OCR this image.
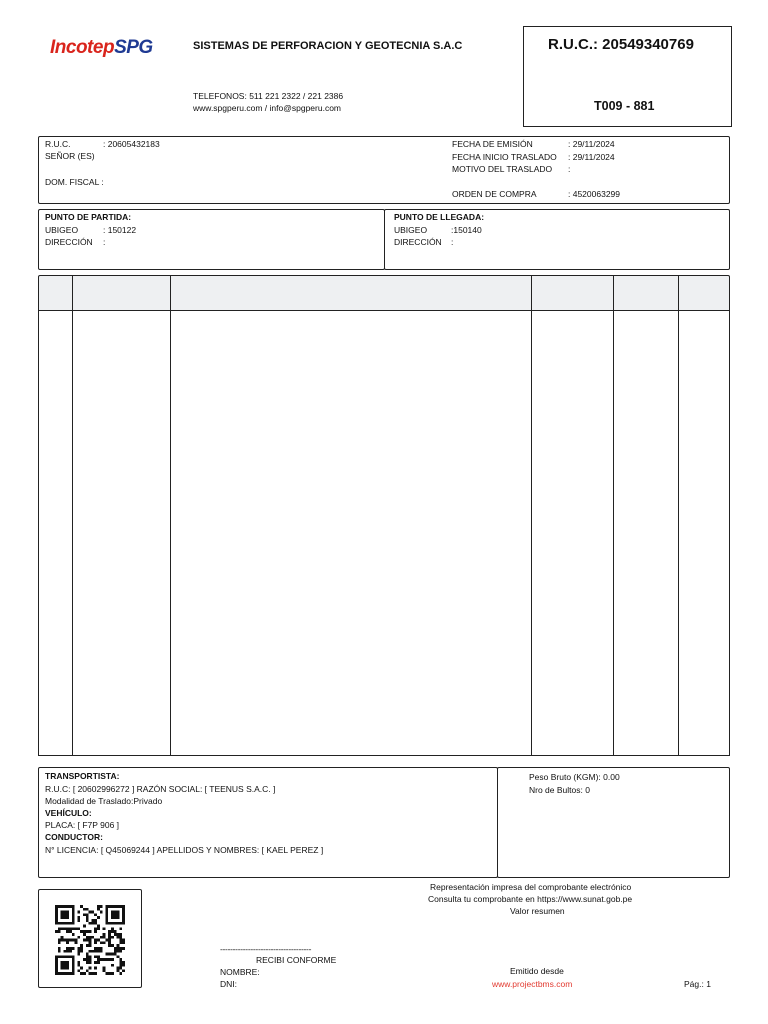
IncotepSPG	SISTEMAS DE PERFORACION Y GEOTECNIA S.A.C
TELEFONOS: 511 221 2322 / 221 2386
www.spgperu.com / info@spgperu.com
R.U.C.: 20549340769
T009 - 881
R.U.C.	: 20605432183
SEÑOR (ES)
DOM. FISCAL :
FECHA DE EMISIÓN	: 29/11/2024
FECHA INICIO TRASLADO : 29/11/2024
MOTIVO DEL TRASLADO :
ORDEN DE COMPRA	: 4520063299
PUNTO DE PARTIDA:
UBIGEO	: 150122
DIRECCIÓN :
PUNTO DE LLEGADA:
UBIGEO	:150140
DIRECCIÓN :
TRANSPORTISTA:
R.U.C: [ 20602996272 ] RAZÓN SOCIAL: [ TEENUS S.A.C. ]
Modalidad de Traslado:Privado
VEHÍCULO:
PLACA: [ F7P 906 ]
CONDUCTOR:
N° LICENCIA: [ Q45069244 ] APELLIDOS Y NOMBRES: [ KAEL PEREZ ]
Peso Bruto (KGM): 0.00
Nro de Bultos: 0
Representación impresa del comprobante electrónico
Consulta tu comprobante en https://www.sunat.gob.pe
Valor resumen
------------------------------------
RECIBI CONFORME
NOMBRE:
DNI:
Emitido desde
www.projectbms.com	Pág.: 1
